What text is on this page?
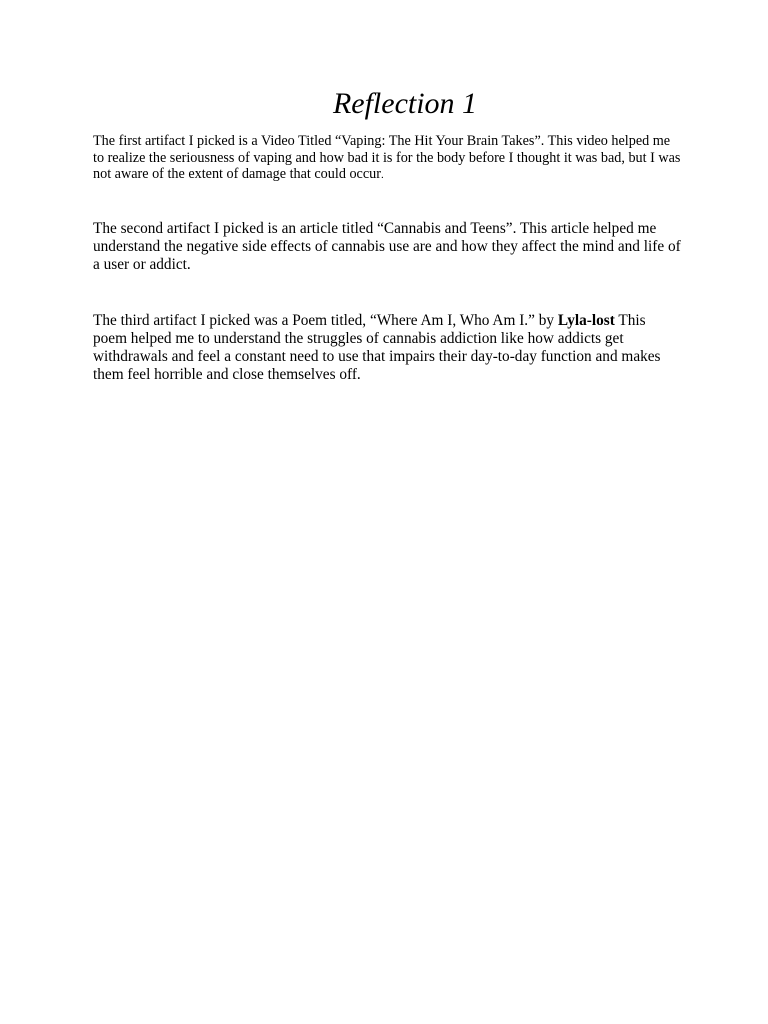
Reflection 1

The first artifact I picked is a Video Titled “Vaping: The Hit Your Brain Takes”. This video helped me to realize the seriousness of vaping and how bad it is for the body before I thought it was bad, but I was not aware of the extent of damage that could occur.

The second artifact I picked is an article titled “Cannabis and Teens”. This article helped me understand the negative side effects of cannabis use are and how they affect the mind and life of a user or addict.

The third artifact I picked was a Poem titled, “Where Am I, Who Am I.” by Lyla-lost This poem helped me to understand the struggles of cannabis addiction like how addicts get withdrawals and feel a constant need to use that impairs their day-to-day function and makes them feel horrible and close themselves off.
